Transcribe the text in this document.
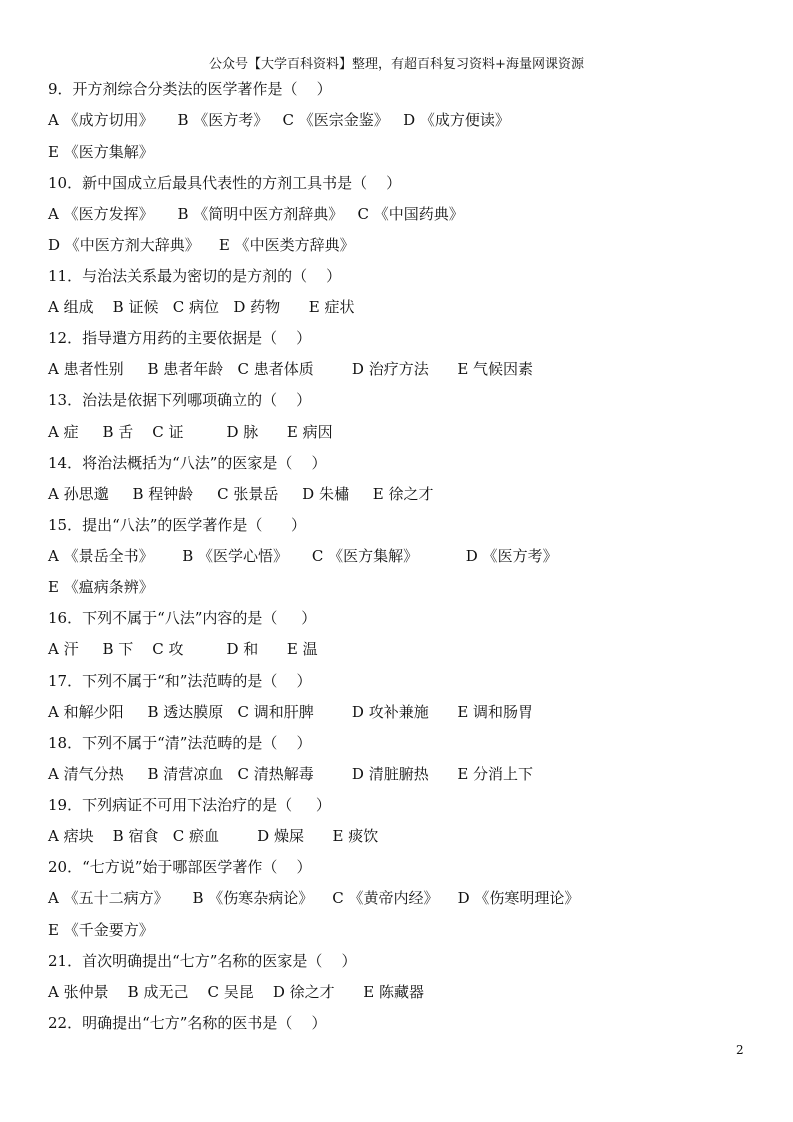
公众号【大学百科资料】整理，有超百科复习资料+海量网课资源
9．开方剂综合分类法的医学著作是（    ）
A 《成方切用》     B 《医方考》   C 《医宗金鉴》   D 《成方便读》
E 《医方集解》
10．新中国成立后最具代表性的方剂工具书是（    ）
A 《医方发挥》     B 《简明中医方剂辞典》   C 《中国药典》
D 《中医方剂大辞典》    E 《中医类方辞典》
11．与治法关系最为密切的是方剂的（    ）
A 组成    B 证候   C 病位   D 药物      E 症状
12．指导遣方用药的主要依据是（    ）
A 患者性别     B 患者年龄   C 患者体质        D 治疗方法      E 气候因素
13．治法是依据下列哪项确立的（    ）
A 症     B 舌    C 证         D 脉      E 病因
14．将治法概括为“八法”的医家是（    ）
A 孙思邈     B 程钟龄     C 张景岳     D 朱橚     E 徐之才
15．提出“八法”的医学著作是（      ）
A 《景岳全书》      B 《医学心悟》     C 《医方集解》          D 《医方考》
E 《瘟病条辨》
16．下列不属于“八法”内容的是（     ）
A 汗     B 下    C 攻         D 和      E 温
17．下列不属于“和”法范畴的是（    ）
A 和解少阳     B 透达膜原   C 调和肝脾        D 攻补兼施      E 调和肠胃
18．下列不属于“清”法范畴的是（    ）
A 清气分热     B 清营凉血   C 清热解毒        D 清脏腑热      E 分消上下
19．下列病证不可用下法治疗的是（     ）
A 痞块    B 宿食   C 瘀血        D 燥屎      E 痰饮
20．“七方说”始于哪部医学著作（    ）
A 《五十二病方》     B 《伤寒杂病论》    C 《黄帝内经》    D 《伤寒明理论》
E 《千金要方》
21．首次明确提出“七方”名称的医家是（    ）
A 张仲景    B 成无己    C 吴昆    D 徐之才      E 陈藏器
22．明确提出“七方”名称的医书是（    ）
2
